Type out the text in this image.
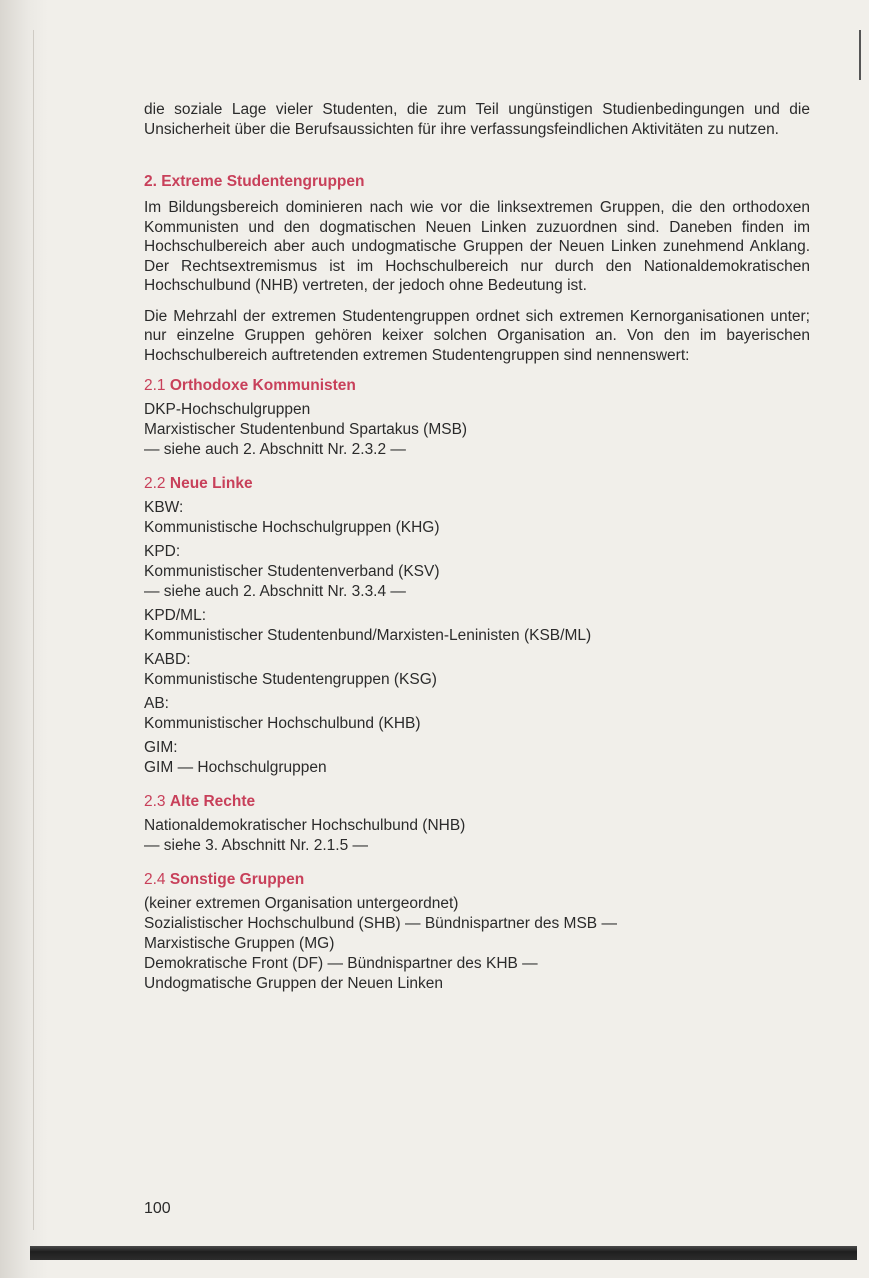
die soziale Lage vieler Studenten, die zum Teil ungünstigen Studienbedingungen und die Unsicherheit über die Berufsaussichten für ihre verfassungsfeindlichen Aktivitäten zu nutzen.

2. Extreme Studentengruppen

Im Bildungsbereich dominieren nach wie vor die linksextremen Gruppen, die den orthodoxen Kommunisten und den dogmatischen Neuen Linken zuzuordnen sind. Daneben finden im Hochschulbereich aber auch undogmatische Gruppen der Neuen Linken zunehmend Anklang. Der Rechtsextremismus ist im Hochschulbereich nur durch den Nationaldemokratischen Hochschulbund (NHB) vertreten, der jedoch ohne Bedeutung ist.

Die Mehrzahl der extremen Studentengruppen ordnet sich extremen Kernorganisationen unter; nur einzelne Gruppen gehören keixer solchen Organisation an. Von den im bayerischen Hochschulbereich auftretenden extremen Studentengruppen sind nennenswert:

2.1 Orthodoxe Kommunisten
DKP-Hochschulgruppen
Marxistischer Studentenbund Spartakus (MSB)
— siehe auch 2. Abschnitt Nr. 2.3.2 —
2.2 Neue Linke
KBW:
Kommunistische Hochschulgruppen (KHG)
KPD:
Kommunistischer Studentenverband (KSV)
— siehe auch 2. Abschnitt Nr. 3.3.4 —
KPD/ML:
Kommunistischer Studentenbund/Marxisten-Leninisten (KSB/ML)
KABD:
Kommunistische Studentengruppen (KSG)
AB:
Kommunistischer Hochschulbund (KHB)
GIM:
GIM — Hochschulgruppen
2.3 Alte Rechte
Nationaldemokratischer Hochschulbund (NHB)
— siehe 3. Abschnitt Nr. 2.1.5 —
2.4 Sonstige Gruppen
(keiner extremen Organisation untergeordnet)
Sozialistischer Hochschulbund (SHB) — Bündnispartner des MSB —
Marxistische Gruppen (MG)
Demokratische Front (DF) — Bündnispartner des KHB —
Undogmatische Gruppen der Neuen Linken
100
